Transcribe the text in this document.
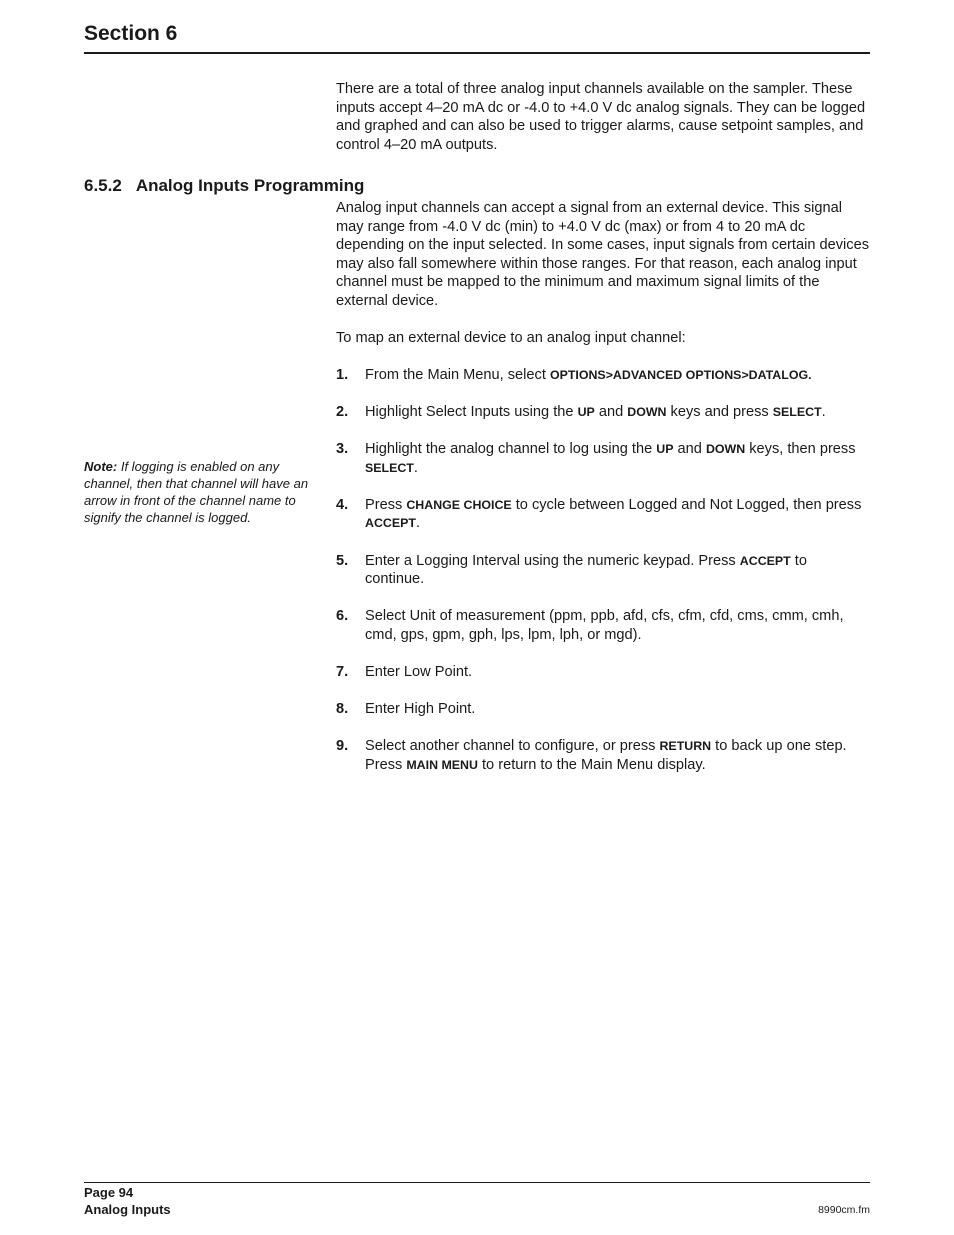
Section 6

There are a total of three analog input channels available on the sampler. These inputs accept 4–20 mA dc or -4.0 to +4.0 V dc analog signals. They can be logged and graphed and can also be used to trigger alarms, cause setpoint samples, and control 4–20 mA outputs.

6.5.2 Analog Inputs Programming

Analog input channels can accept a signal from an external device. This signal may range from -4.0 V dc (min) to +4.0 V dc (max) or from 4 to 20 mA dc depending on the input selected. In some cases, input signals from certain devices may also fall somewhere within those ranges. For that reason, each analog input channel must be mapped to the minimum and maximum signal limits of the external device.

To map an external device to an analog input channel:

Note: If logging is enabled on any channel, then that channel will have an arrow in front of the channel name to signify the channel is logged.
1. From the Main Menu, select OPTIONS>ADVANCED OPTIONS>DATALOG.
2. Highlight Select Inputs using the UP and DOWN keys and press SELECT.
3. Highlight the analog channel to log using the UP and DOWN keys, then press SELECT.
4. Press CHANGE CHOICE to cycle between Logged and Not Logged, then press ACCEPT.
5. Enter a Logging Interval using the numeric keypad. Press ACCEPT to continue.
6. Select Unit of measurement (ppm, ppb, afd, cfs, cfm, cfd, cms, cmm, cmh, cmd, gps, gpm, gph, lps, lpm, lph, or mgd).
7. Enter Low Point.
8. Enter High Point.
9. Select another channel to configure, or press RETURN to back up one step. Press MAIN MENU to return to the Main Menu display.
Page 94
Analog Inputs	8990cm.fm
